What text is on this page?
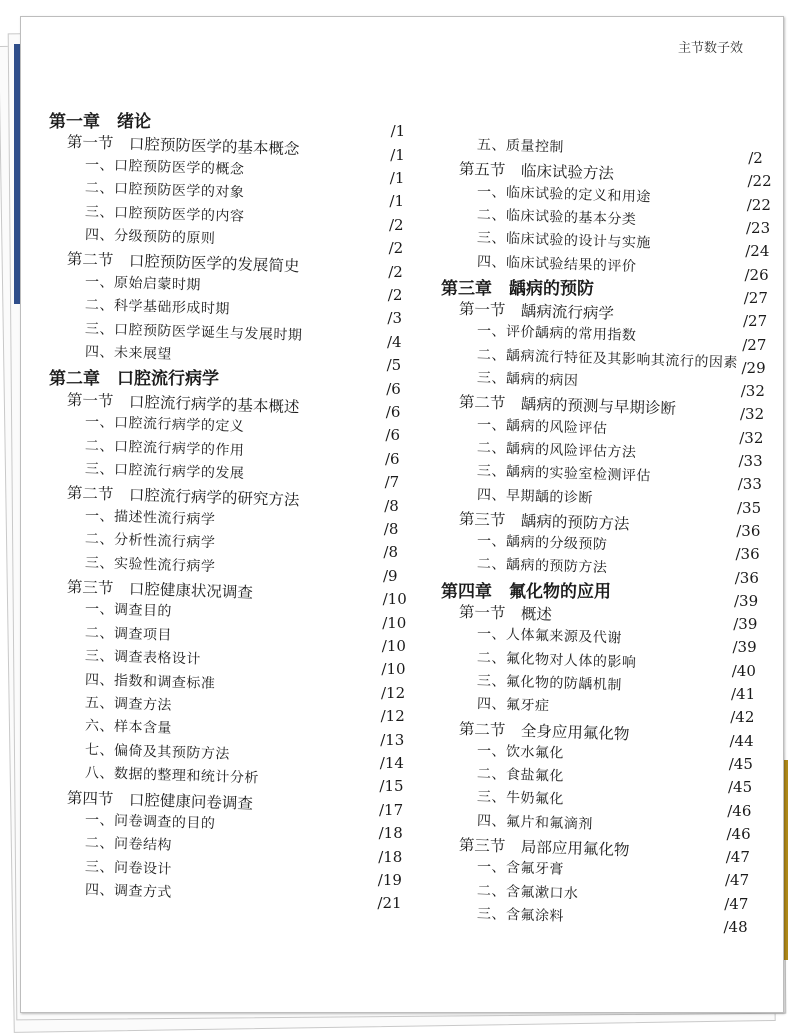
主节数子效
第一章　绪论
第一节　口腔预防医学的基本概念
/1
一、口腔预防医学的概念
/1
二、口腔预防医学的对象
/1
三、口腔预防医学的内容
/1
四、分级预防的原则
/2
第二节　口腔预防医学的发展简史
/2
一、原始启蒙时期
/2
二、科学基础形成时期
/2
三、口腔预防医学诞生与发展时期
/3
四、未来展望
/4
第二章　口腔流行病学
/5
第一节　口腔流行病学的基本概述
/6
一、口腔流行病学的定义
/6
二、口腔流行病学的作用
/6
三、口腔流行病学的发展
/6
第二节　口腔流行病学的研究方法
/7
一、描述性流行病学
/8
二、分析性流行病学
/8
三、实验性流行病学
/8
第三节　口腔健康状况调查
/9
一、调查目的
/10
二、调查项目
/10
三、调查表格设计
/10
四、指数和调查标准
/10
五、调查方法
/12
六、样本含量
/12
七、偏倚及其预防方法
/13
八、数据的整理和统计分析
/14
第四节　口腔健康问卷调查
/15
一、问卷调查的目的
/17
二、问卷结构
/18
三、问卷设计
/18
四、调查方式
/19
/21
五、质量控制
第五节　临床试验方法
/2
一、临床试验的定义和用途
/22
二、临床试验的基本分类
/22
三、临床试验的设计与实施
/23
四、临床试验结果的评价
/24
第三章　龋病的预防
/26
第一节　龋病流行病学
/27
一、评价龋病的常用指数
/27
二、龋病流行特征及其影响其流行的因素
/27
三、龋病的病因
/29
第二节　龋病的预测与早期诊断
/32
一、龋病的风险评估
/32
二、龋病的风险评估方法
/32
三、龋病的实验室检测评估
/33
四、早期龋的诊断
/33
第三节　龋病的预防方法
/35
一、龋病的分级预防
/36
二、龋病的预防方法
/36
第四章　氟化物的应用
/36
第一节　概述
/39
一、人体氟来源及代谢
/39
二、氟化物对人体的影响
/39
三、氟化物的防龋机制
/40
四、氟牙症
/41
第二节　全身应用氟化物
/42
一、饮水氟化
/44
二、食盐氟化
/45
三、牛奶氟化
/45
四、氟片和氟滴剂
/46
第三节　局部应用氟化物
/46
一、含氟牙膏
/47
二、含氟漱口水
/47
三、含氟涂料
/47
/48
